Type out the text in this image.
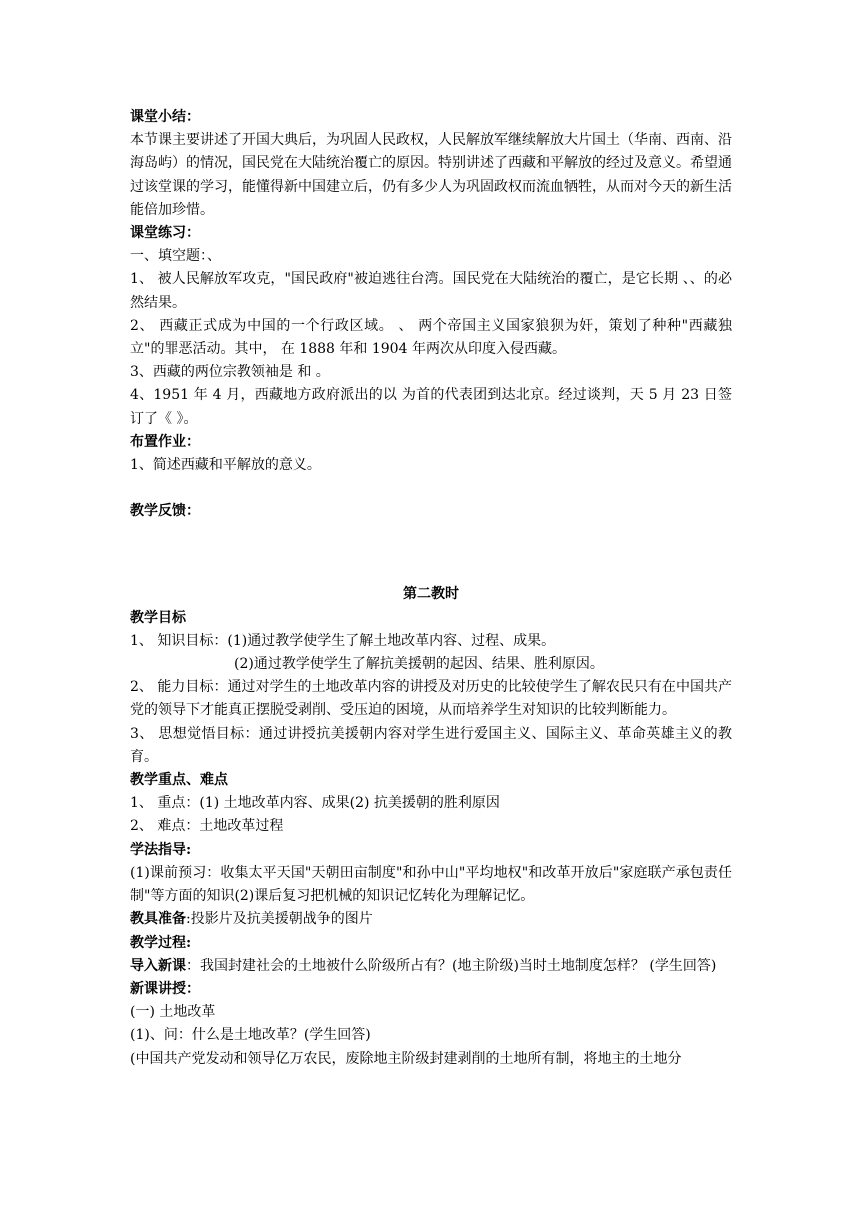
课堂小结：
本节课主要讲述了开国大典后，为巩固人民政权，人民解放军继续解放大片国土（华南、西南、沿海岛屿）的情况，国民党在大陆统治覆亡的原因。特别讲述了西藏和平解放的经过及意义。希望通过该堂课的学习，能懂得新中国建立后，仍有多少人为巩固政权而流血牺牲，从而对今天的新生活能倍加珍惜。
课堂练习：
一、填空题：、
1、 被人民解放军攻克，"国民政府"被迫逃往台湾。国民党在大陆统治的覆亡，是它长期 、、的必然结果。
2、 西藏正式成为中国的一个行政区域。 、 两个帝国主义国家狼狈为奸，策划了种种"西藏独立"的罪恶活动。其中， 在 1888 年和 1904 年两次从印度入侵西藏。
3、西藏的两位宗教领袖是 和 。
4、1951 年 4 月，西藏地方政府派出的以 为首的代表团到达北京。经过谈判，天 5 月 23 日签订了《 》。
布置作业：
1、简述西藏和平解放的意义。
教学反馈：
第二教时
教学目标
1、 知识目标：(1)通过教学使学生了解土地改革内容、过程、成果。
(2)通过教学使学生了解抗美援朝的起因、结果、胜利原因。
2、 能力目标：通过对学生的土地改革内容的讲授及对历史的比较使学生了解农民只有在中国共产党的领导下才能真正摆脱受剥削、受压迫的困境，从而培养学生对知识的比较判断能力。
3、 思想觉悟目标：通过讲授抗美援朝内容对学生进行爱国主义、国际主义、革命英雄主义的教育。
教学重点、难点
1、 重点：(1) 土地改革内容、成果(2) 抗美援朝的胜利原因
2、 难点：土地改革过程
学法指导:
(1)课前预习：收集太平天国"天朝田亩制度"和孙中山"平均地权"和改革开放后"家庭联产承包责任制"等方面的知识(2)课后复习把机械的知识记忆转化为理解记忆。
教具准备:投影片及抗美援朝战争的图片
教学过程:
导入新课：我国封建社会的土地被什么阶级所占有？(地主阶级)当时土地制度怎样？ (学生回答)
新课讲授：
(一) 土地改革
(1)、问：什么是土地改革？(学生回答)
(中国共产党发动和领导亿万农民，废除地主阶级封建剥削的土地所有制，将地主的土地分
